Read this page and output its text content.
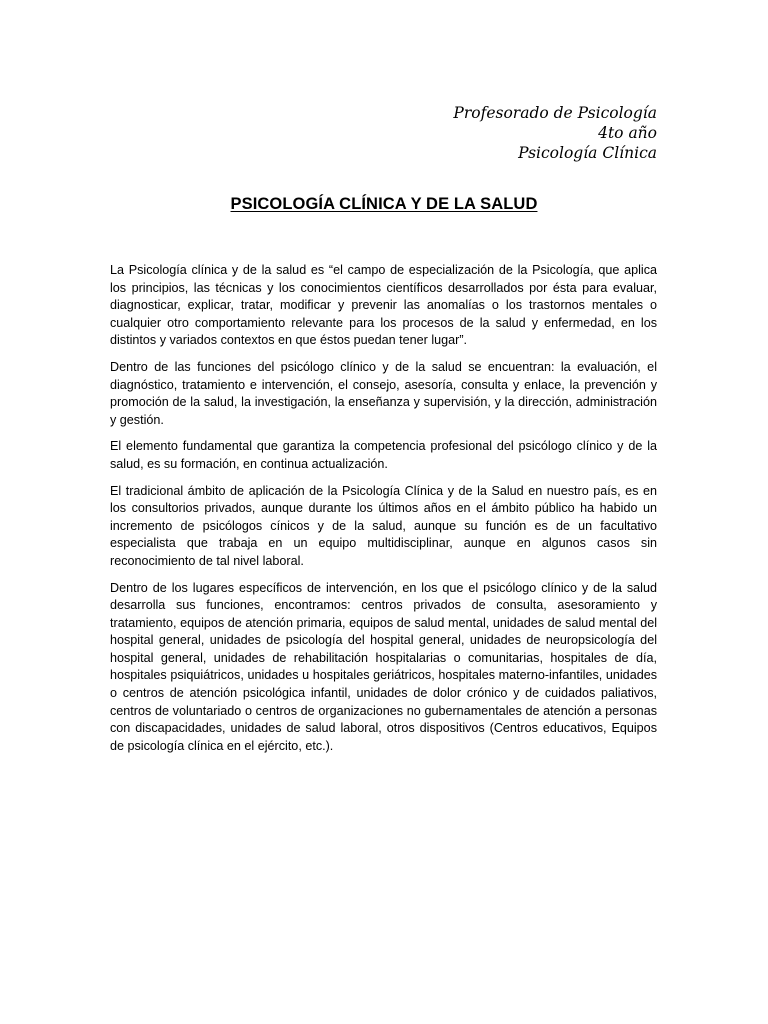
Profesorado de Psicología
4to año
Psicología Clínica
PSICOLOGÍA CLÍNICA Y DE LA SALUD

La Psicología clínica y de la salud es “el campo de especialización de la Psicología, que aplica los principios, las técnicas y los conocimientos científicos desarrollados por ésta para evaluar, diagnosticar, explicar, tratar, modificar y prevenir las anomalías o los trastornos mentales o cualquier otro comportamiento relevante para los procesos de la salud y enfermedad, en los distintos y variados contextos en que éstos puedan tener lugar”.

Dentro de las funciones del psicólogo clínico y de la salud se encuentran: la evaluación, el diagnóstico, tratamiento e intervención, el consejo, asesoría, consulta y enlace, la prevención y promoción de la salud, la investigación, la enseñanza y supervisión, y la dirección, administración y gestión.

El elemento fundamental que garantiza la competencia profesional del psicólogo clínico y de la salud, es su formación, en continua actualización.

El tradicional ámbito de aplicación de la Psicología Clínica y de la Salud en nuestro país, es en los consultorios privados, aunque durante los últimos años en el ámbito público ha habido un incremento de psicólogos cínicos y de la salud, aunque su función es de un facultativo especialista que trabaja en un equipo multidisciplinar, aunque en algunos casos sin reconocimiento de tal nivel laboral.

Dentro de los lugares específicos de intervención, en los que el psicólogo clínico y de la salud desarrolla sus funciones, encontramos: centros privados de consulta, asesoramiento y tratamiento, equipos de atención primaria, equipos de salud mental, unidades de salud mental del hospital general, unidades de psicología del hospital general, unidades de neuropsicología del hospital general, unidades de rehabilitación hospitalarias o comunitarias, hospitales de día, hospitales psiquiátricos, unidades u hospitales geriátricos, hospitales materno-infantiles, unidades o centros de atención psicológica infantil, unidades de dolor crónico y de cuidados paliativos, centros de voluntariado o centros de organizaciones no gubernamentales de atención a personas con discapacidades, unidades de salud laboral, otros dispositivos (Centros educativos, Equipos de psicología clínica en el ejército, etc.).
